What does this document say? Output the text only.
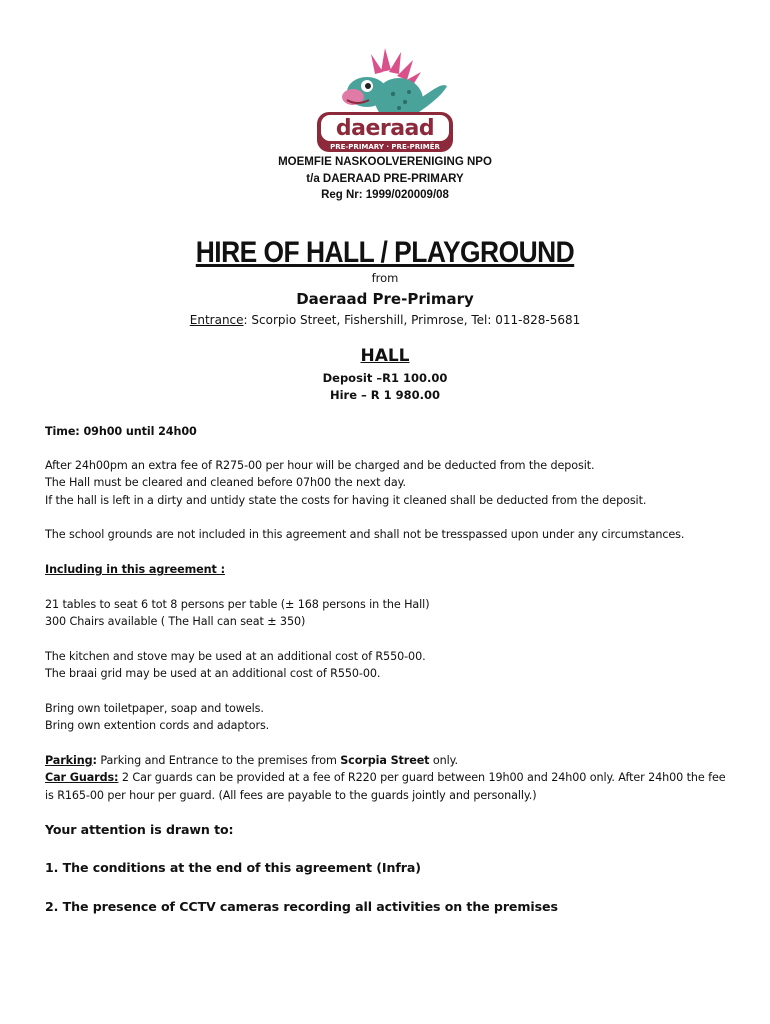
daeraad
PRE-PRIMARY · PRE-PRIMÊR
MOEMFIE NASKOOLVERENIGING NPO
t/a DAERAAD PRE-PRIMARY
Reg Nr: 1999/020009/08
HIRE OF HALL / PLAYGROUND
from
Daeraad Pre-Primary
Entrance: Scorpio Street, Fishershill, Primrose, Tel: 011-828-5681
HALL
Deposit –R1 100.00
Hire – R 1 980.00
Time: 09h00 until 24h00
After 24h00pm an extra fee of R275-00 per hour will be charged and be deducted from the deposit.
The Hall must be cleared and cleaned before 07h00 the next day.
If the hall is left in a dirty and untidy state the costs for having it cleaned shall be deducted from the deposit.
The school grounds are not included in this agreement and shall not be tresspassed upon under any circumstances.
Including in this agreement :
21 tables to seat 6 tot 8 persons per table (± 168 persons in the Hall)
300 Chairs available ( The Hall can seat ± 350)
The kitchen and stove may be used at an additional cost of R550-00.
The braai grid may be used at an additional cost of R550-00.
Bring own toiletpaper, soap and towels.
Bring own extention cords and adaptors.
Parking: Parking and Entrance to the premises from Scorpia Street only.
Car Guards: 2 Car guards can be provided at a fee of R220 per guard between 19h00 and 24h00 only. After 24h00 the fee is R165-00 per hour per guard. (All fees are payable to the guards jointly and personally.)
Your attention is drawn to:
1. The conditions at the end of this agreement (Infra)
2. The presence of CCTV cameras recording all activities on the premises
